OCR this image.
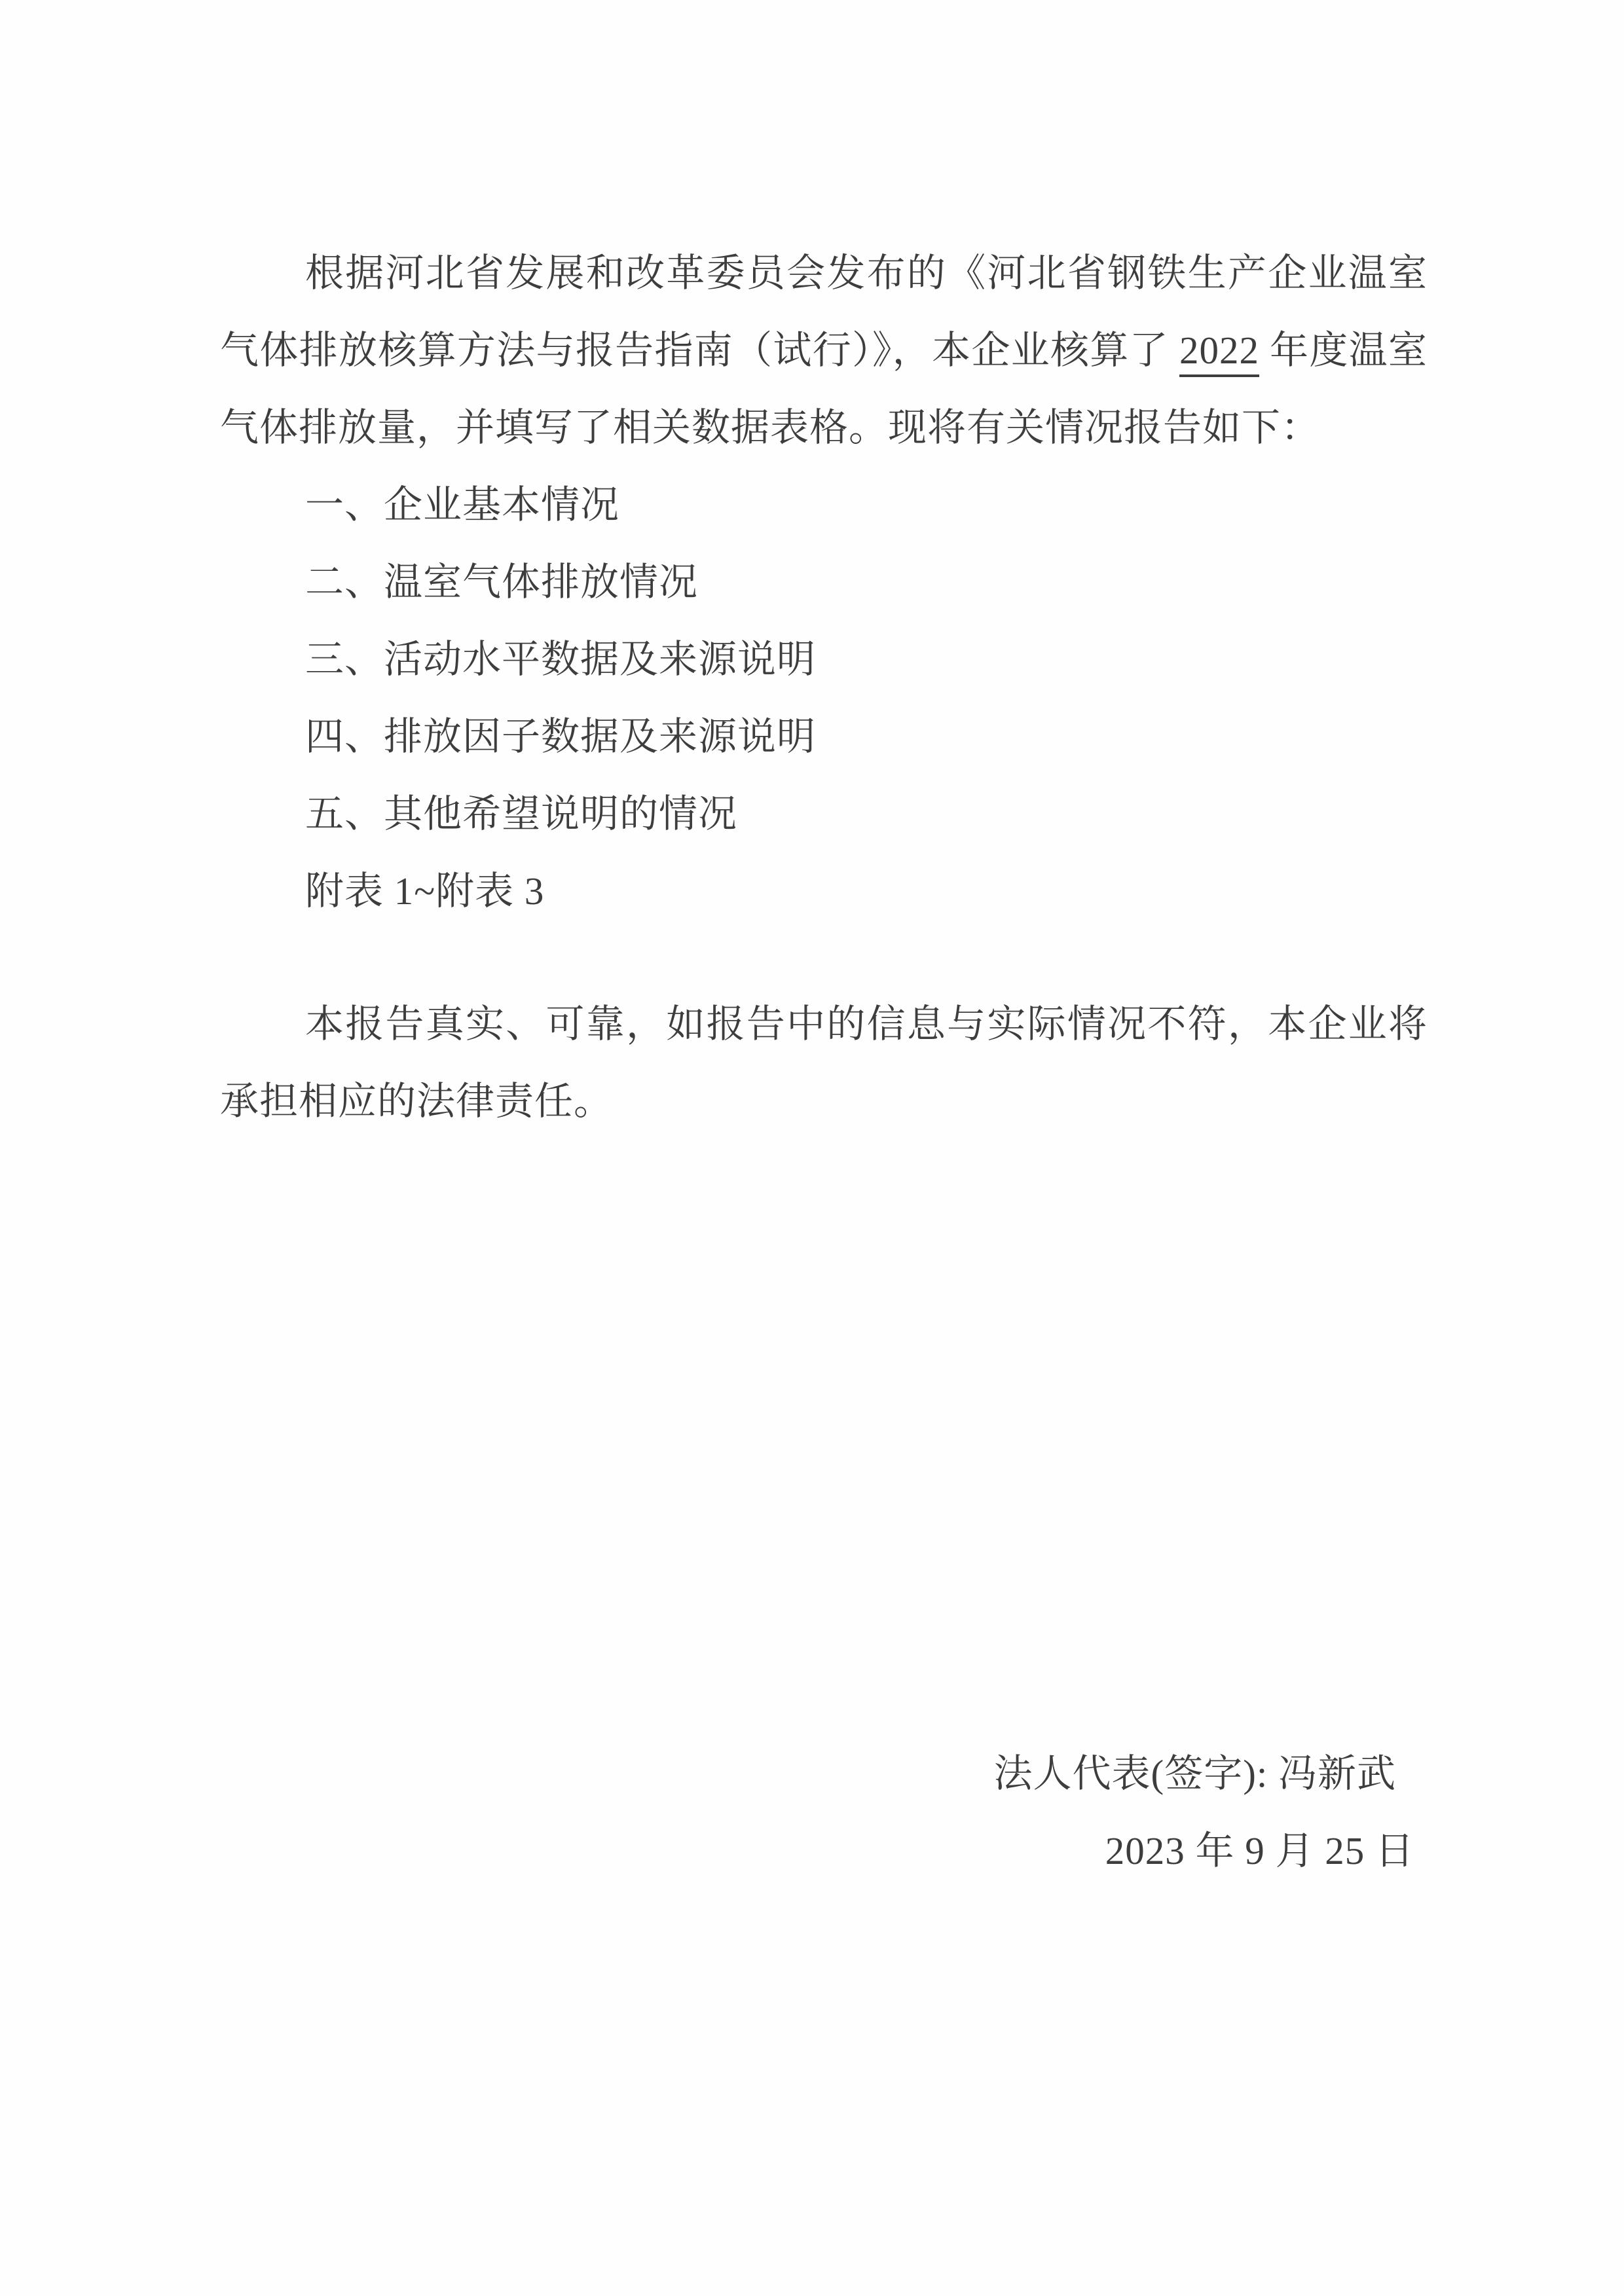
根据河北省发展和改革委员会发布的《河北省钢铁生产企业温室气体排放核算方法与报告指南（试行）》，本企业核算了 2022 年度温室气体排放量，并填写了相关数据表格。现将有关情况报告如下：

一、企业基本情况
二、温室气体排放情况
三、活动水平数据及来源说明
四、排放因子数据及来源说明
五、其他希望说明的情况
附表 1~附表 3

本报告真实、可靠，如报告中的信息与实际情况不符，本企业将承担相应的法律责任。

法人代表(签字): 冯新武
2023 年 9 月 25 日
